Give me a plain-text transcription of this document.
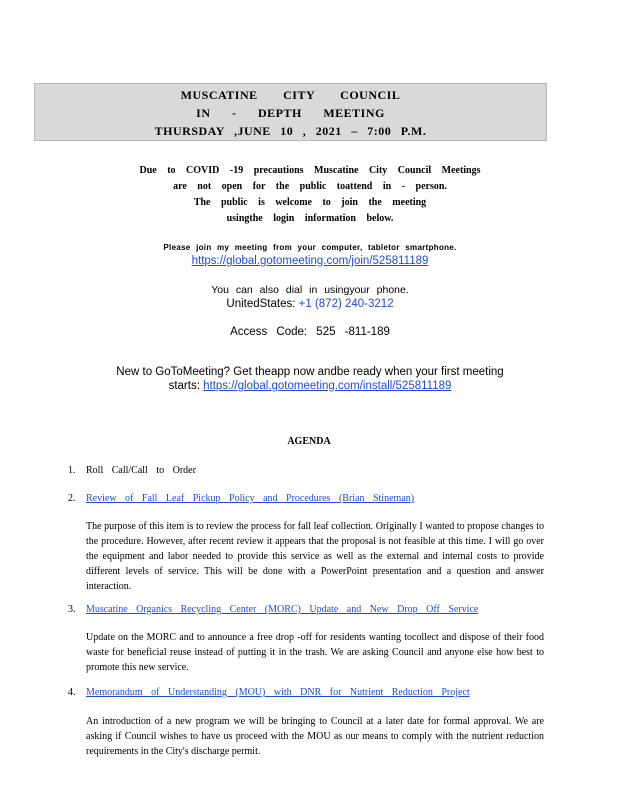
MUSCATINE CITY COUNCIL
IN - DEPTH MEETING
THURSDAY ,JUNE 10 , 2021 – 7:00 P.M.
Due to COVID -19 precautions Muscatine City Council Meetings
are not open for the public toattend in - person.
The public is welcome to join the meeting
usingthe login information below.
Please join my meeting from your computer, tabletor smartphone.
https://global.gotomeeting.com/join/525811189
You can also dial in usingyour phone.
UnitedStates: +1 (872) 240-3212
Access Code: 525 -811-189
New to GoToMeeting? Get theapp now andbe ready when your first meeting
starts: https://global.gotomeeting.com/install/525811189
AGENDA
1. Roll Call/Call to Order
2. Review of Fall Leaf Pickup Policy and Procedures (Brian Stineman)
The purpose of this item is to review the process for fall leaf collection. Originally I wanted to propose changes to the procedure. However, after recent review it appears that the proposal is not feasible at this time. I will go over the equipment and labor needed to provide this service as well as the external and internal costs to provide different levels of service. This will be done with a PowerPoint presentation and a question and answer interaction.
3. Muscatine Organics Recycling Center (MORC) Update and New Drop Off Service
Update on the MORC and to announce a free drop -off for residents wanting tocollect and dispose of their food waste for beneficial reuse instead of putting it in the trash. We are asking Council and anyone else how best to promote this new service.
4. Memorandum of Understanding (MOU) with DNR for Nutrient Reduction Project
An introduction of a new program we will be bringing to Council at a later date for formal approval. We are asking if Council wishes to have us proceed with the MOU as our means to comply with the nutrient reduction requirements in the City's discharge permit.
